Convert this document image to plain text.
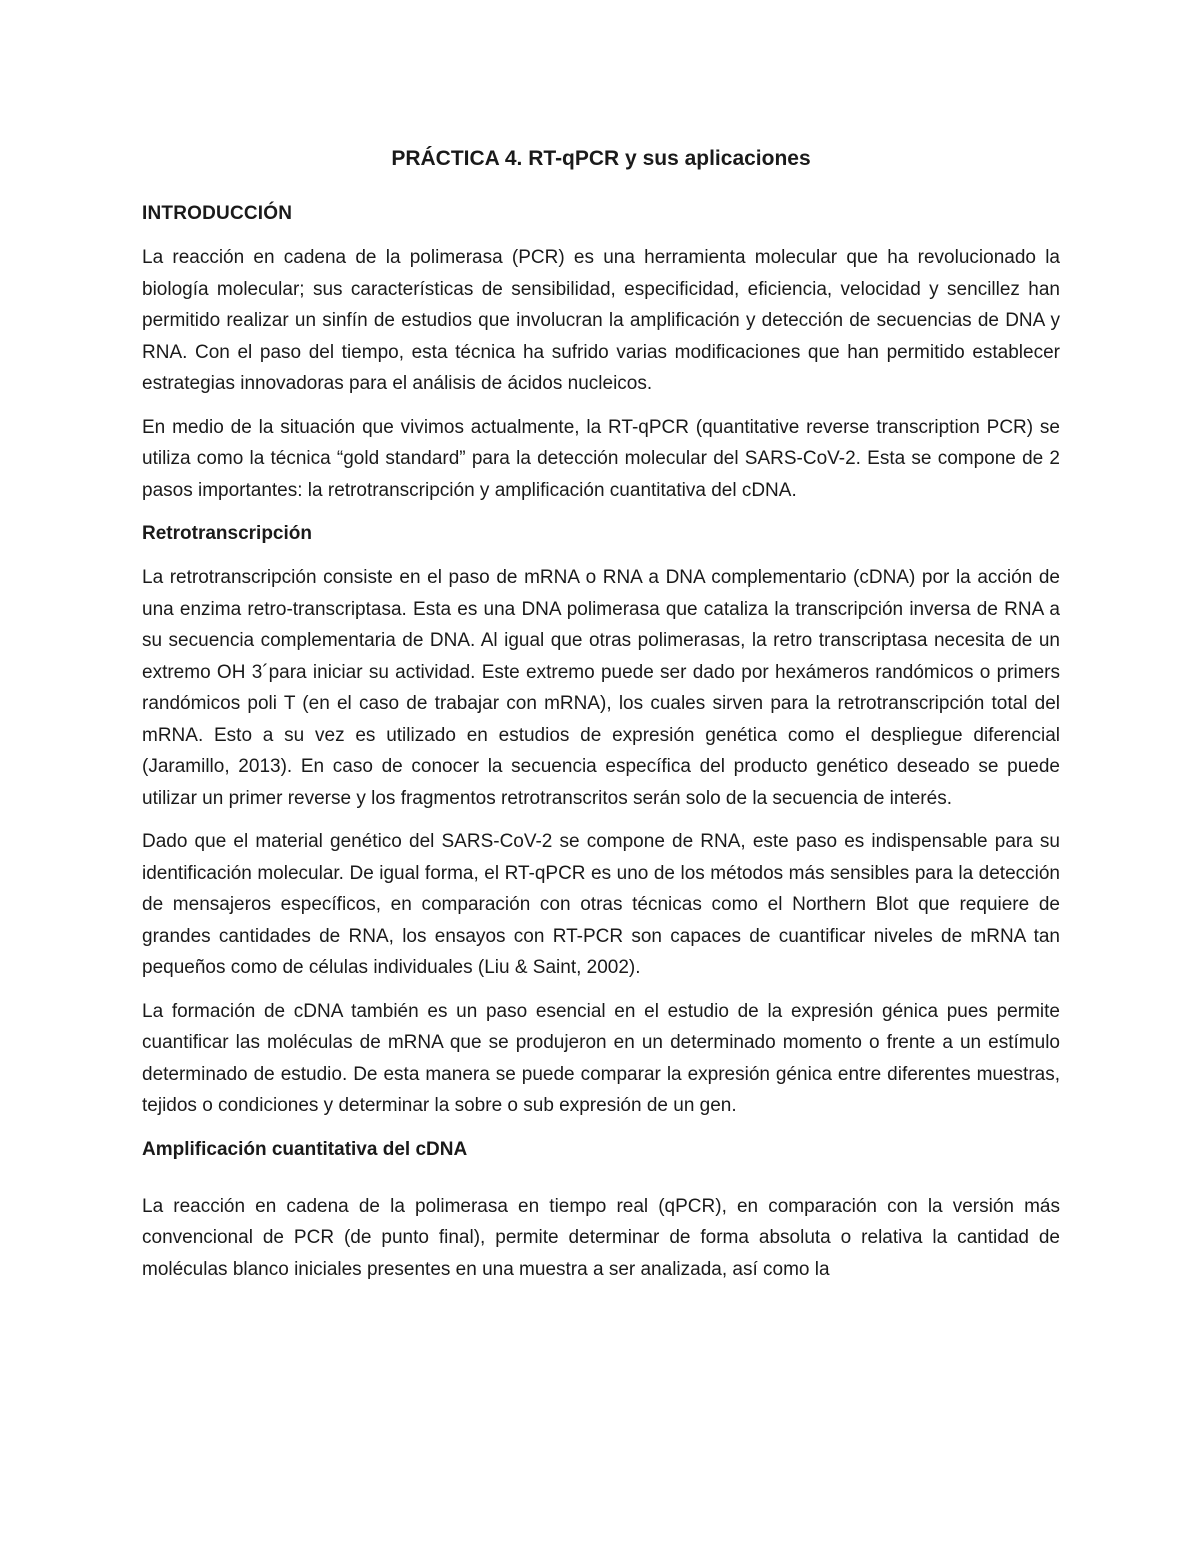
PRÁCTICA 4. RT-qPCR y sus aplicaciones
INTRODUCCIÓN

La reacción en cadena de la polimerasa (PCR) es una herramienta molecular que ha revolucionado la biología molecular; sus características de sensibilidad, especificidad, eficiencia, velocidad y sencillez han permitido realizar un sinfín de estudios que involucran la amplificación y detección de secuencias de DNA y RNA. Con el paso del tiempo, esta técnica ha sufrido varias modificaciones que han permitido establecer estrategias innovadoras para el análisis de ácidos nucleicos.

En medio de la situación que vivimos actualmente, la RT-qPCR (quantitative reverse transcription PCR) se utiliza como la técnica “gold standard” para la detección molecular del SARS-CoV-2. Esta se compone de 2 pasos importantes: la retrotranscripción y amplificación cuantitativa del cDNA.

Retrotranscripción

La retrotranscripción consiste en el paso de mRNA o RNA a DNA complementario (cDNA) por la acción de una enzima retro-transcriptasa. Esta es una DNA polimerasa que cataliza la transcripción inversa de RNA a su secuencia complementaria de DNA. Al igual que otras polimerasas, la retro transcriptasa necesita de un extremo OH 3´para iniciar su actividad. Este extremo puede ser dado por hexámeros randómicos o primers randómicos poli T (en el caso de trabajar con mRNA), los cuales sirven para la retrotranscripción total del mRNA. Esto a su vez es utilizado en estudios de expresión genética como el despliegue diferencial (Jaramillo, 2013). En caso de conocer la secuencia específica del producto genético deseado se puede utilizar un primer reverse y los fragmentos retrotranscritos serán solo de la secuencia de interés.

Dado que el material genético del SARS-CoV-2 se compone de RNA, este paso es indispensable para su identificación molecular. De igual forma, el RT-qPCR es uno de los métodos más sensibles para la detección de mensajeros específicos, en comparación con otras técnicas como el Northern Blot que requiere de grandes cantidades de RNA, los ensayos con RT-PCR son capaces de cuantificar niveles de mRNA tan pequeños como de células individuales (Liu & Saint, 2002).

La formación de cDNA también es un paso esencial en el estudio de la expresión génica pues permite cuantificar las moléculas de mRNA que se produjeron en un determinado momento o frente a un estímulo determinado de estudio. De esta manera se puede comparar la expresión génica entre diferentes muestras, tejidos o condiciones y determinar la sobre o sub expresión de un gen.

Amplificación cuantitativa del cDNA

La reacción en cadena de la polimerasa en tiempo real (qPCR), en comparación con la versión más convencional de PCR (de punto final), permite determinar de forma absoluta o relativa la cantidad de moléculas blanco iniciales presentes en una muestra a ser analizada, así como la
